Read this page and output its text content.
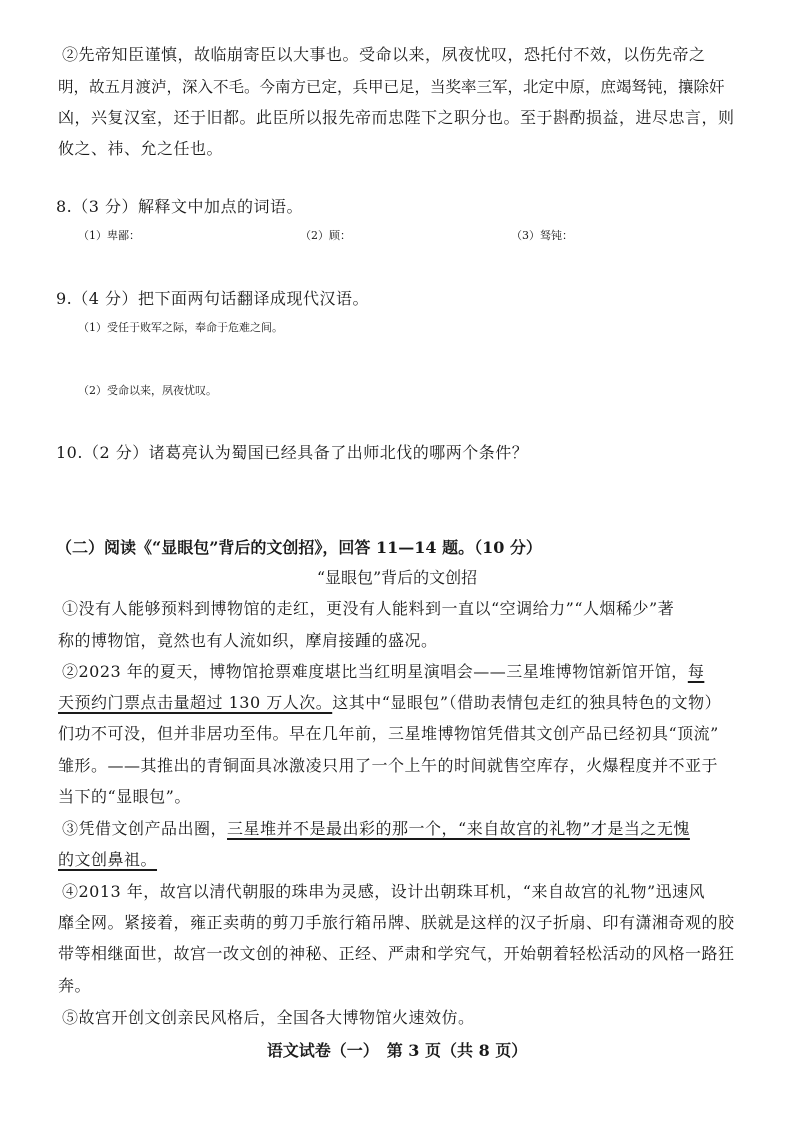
②先帝知臣谨慎，故临崩寄臣以大事也。受命以来，夙夜忧叹，恐托付不效，以伤先帝之
明，故五月渡泸，深入不毛。今南方已定，兵甲已足，当奖率三军，北定中原，庶竭驽钝，攘除奸
凶，兴复汉室，还于旧都。此臣所以报先帝而忠陛下之职分也。至于斟酌损益，进尽忠言，则
攸之、祎、允之任也。
8.（3 分）解释文中加点的词语。
（1）卑鄙：	（2）顾：	（3）驽钝：
9.（4 分）把下面两句话翻译成现代汉语。
（1）受任于败军之际，奉命于危难之间。
（2）受命以来，夙夜忧叹。
10.（2 分）诸葛亮认为蜀国已经具备了出师北伐的哪两个条件？
（二）阅读《“显眼包”背后的文创招》，回答 11—14 题。（10 分）
“显眼包”背后的文创招
①没有人能够预料到博物馆的走红，更没有人能料到一直以“空调给力”“人烟稀少”著
称的博物馆，竟然也有人流如织，摩肩接踵的盛况。
②2023 年的夏天，博物馆抢票难度堪比当红明星演唱会——三星堆博物馆新馆开馆，每
天预约门票点击量超过 130 万人次。这其中“显眼包”（借助表情包走红的独具特色的文物）
们功不可没，但并非居功至伟。早在几年前，三星堆博物馆凭借其文创产品已经初具“顶流”
雏形。——其推出的青铜面具冰激凌只用了一个上午的时间就售空库存，火爆程度并不亚于
当下的“显眼包”。
③凭借文创产品出圈，三星堆并不是最出彩的那一个，“来自故宫的礼物”才是当之无愧
的文创鼻祖。
④2013 年，故宫以清代朝服的珠串为灵感，设计出朝珠耳机，“来自故宫的礼物”迅速风
靡全网。紧接着，雍正卖萌的剪刀手旅行箱吊牌、朕就是这样的汉子折扇、印有潇湘奇观的胶
带等相继面世，故宫一改文创的神秘、正经、严肃和学究气，开始朝着轻松活动的风格一路狂
奔。
⑤故宫开创文创亲民风格后，全国各大博物馆火速效仿。
语文试卷（一）　第 3 页（共 8 页）
